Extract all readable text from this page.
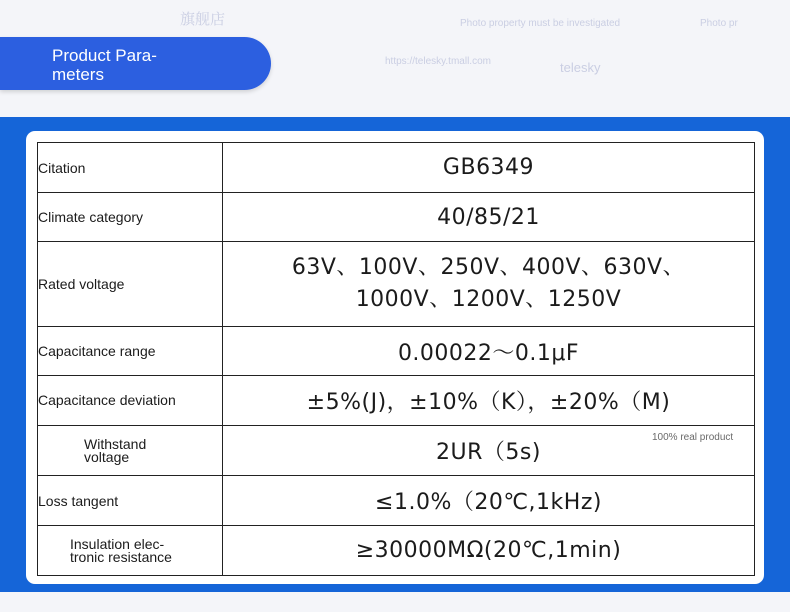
Photo property must be investigated	Photo pr
https://telesky.tmall.com	telesky
旗舰店
Product Para-
meters
Citation	GB6349
Climate category	40/85/21
Rated voltage	63V、100V、250V、400V、630V、
1000V、1200V、1250V

Capacitance range	0.00022～0.1μF
Capacitance deviation	±5%(J)，±10%（K），±20%（M)

Withstand
voltage	2UR（5s)
Loss tangent	≤1.0%（20℃,1kHz)

Insulation elec-
tronic resistance	≥30000MΩ(20℃,1min)
100% real product
